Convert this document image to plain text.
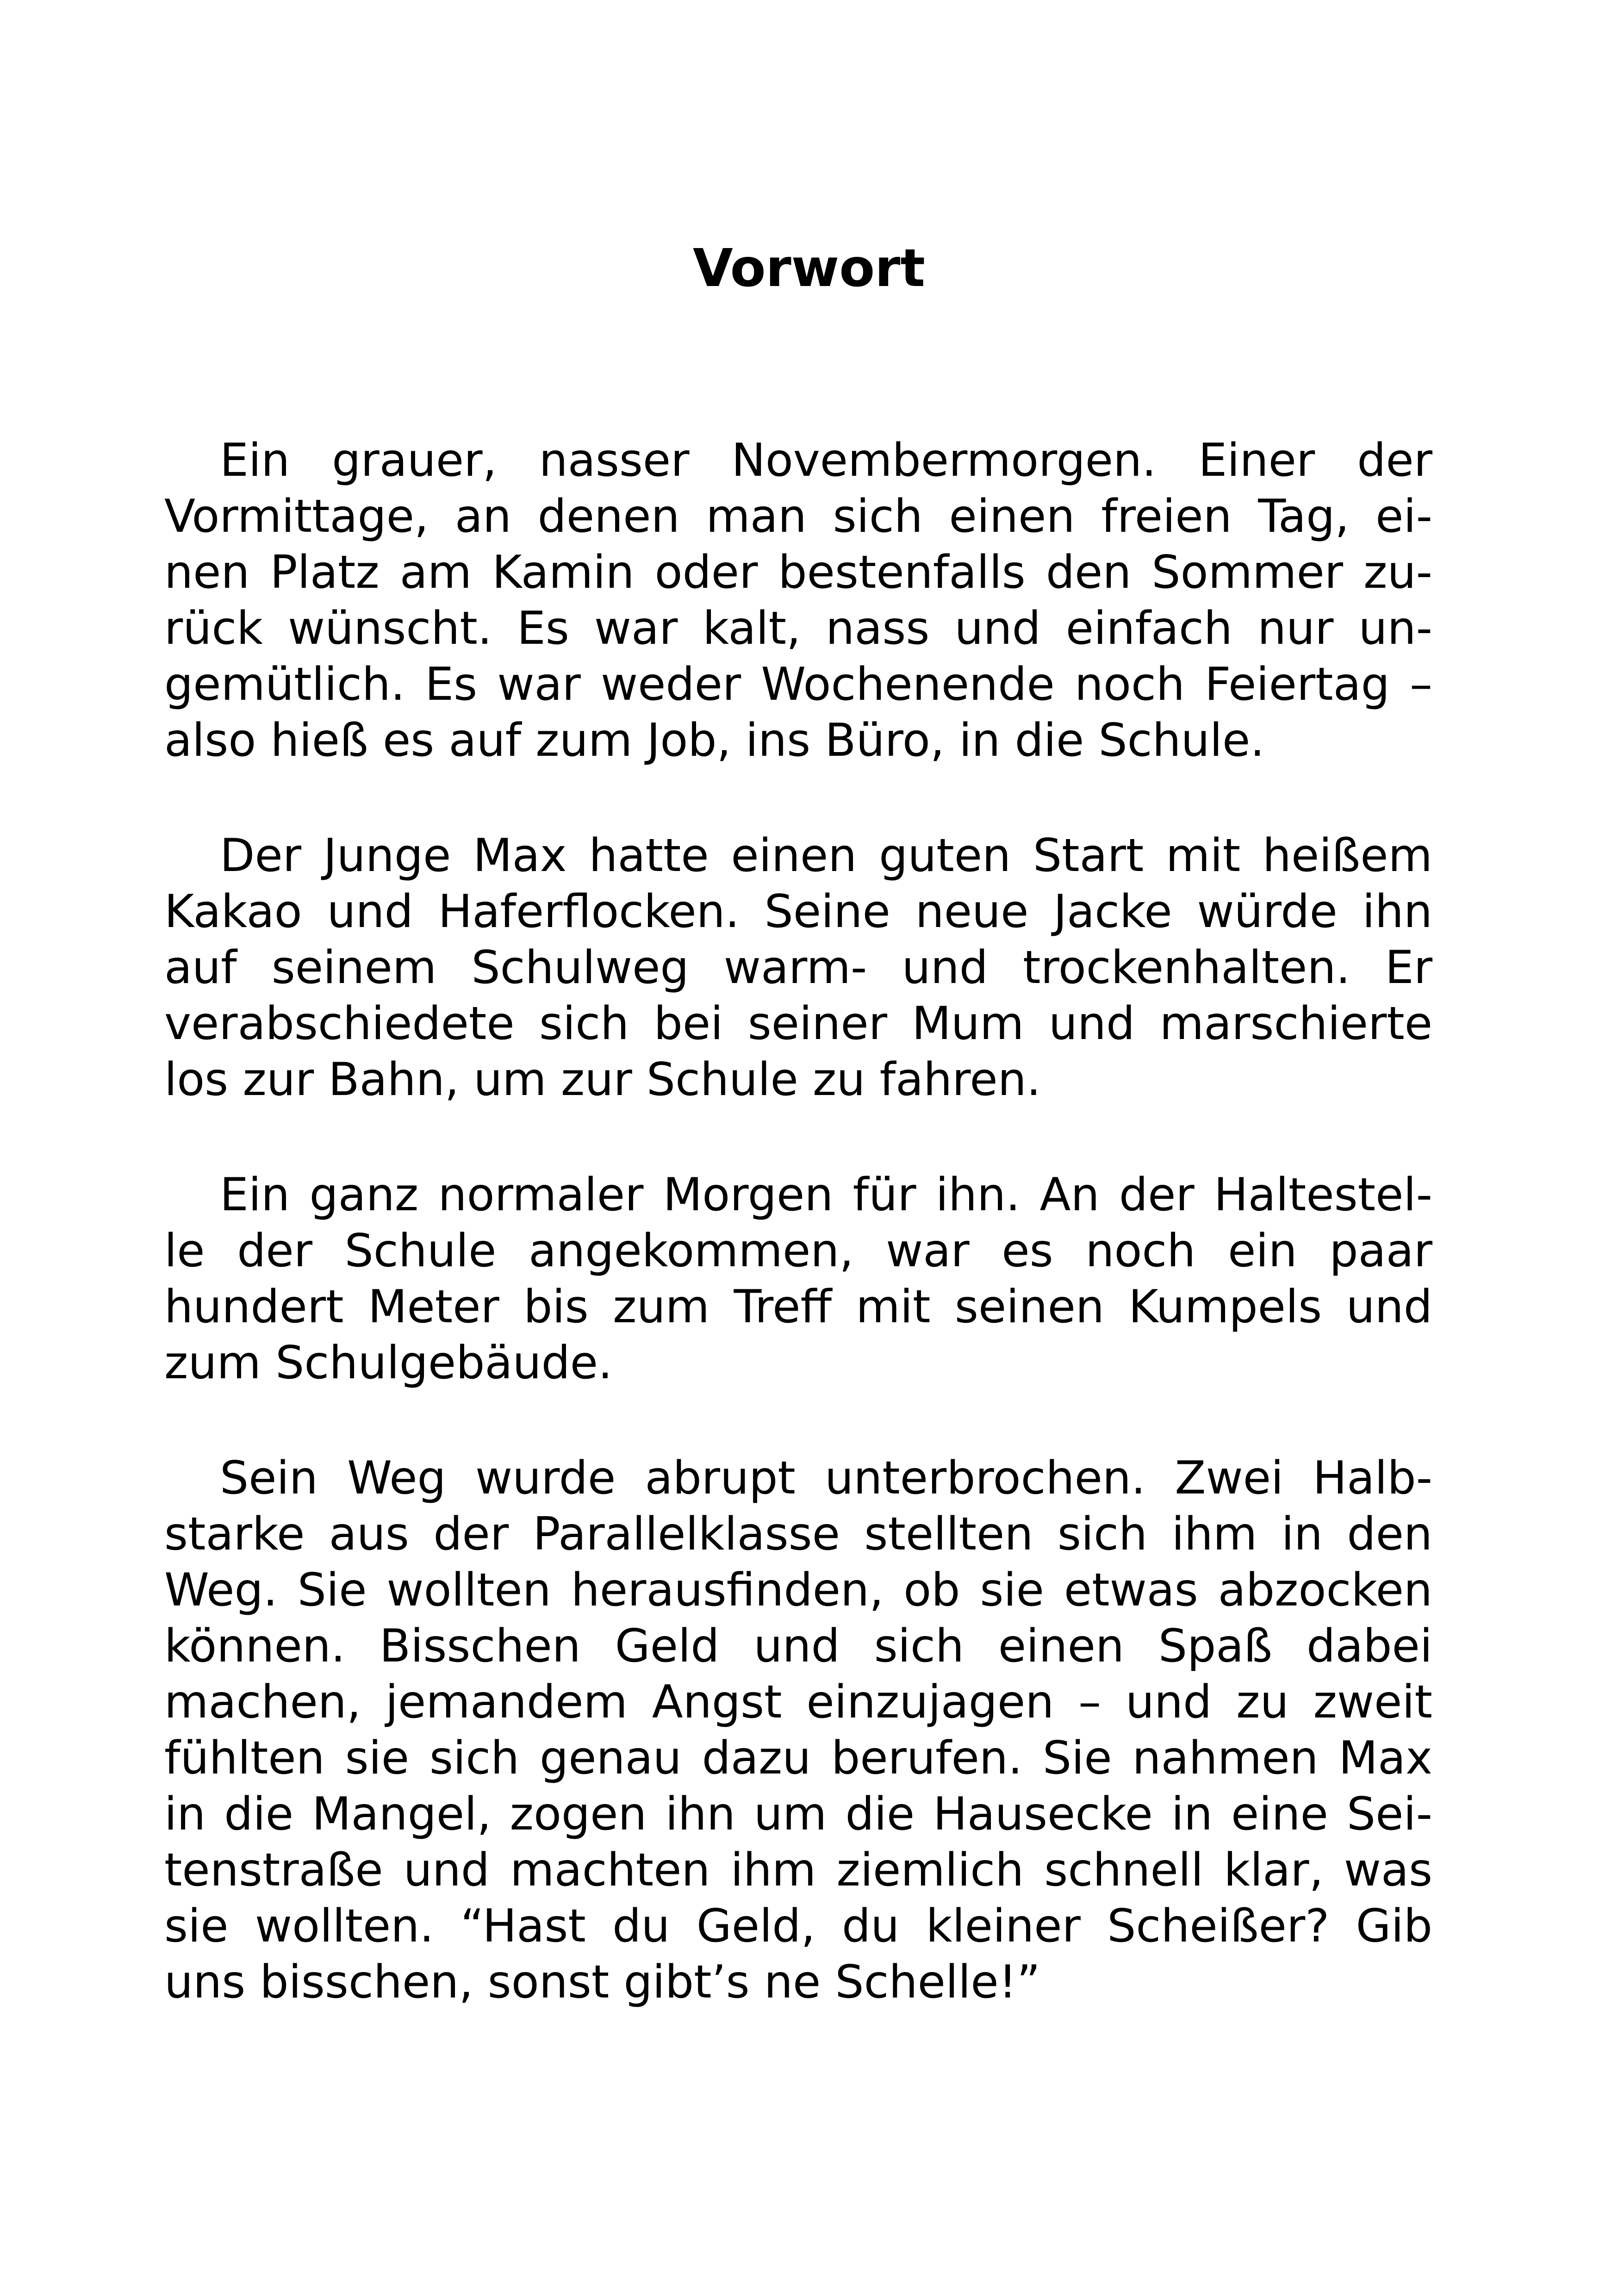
Vorwort

Ein grauer, nasser Novembermorgen. Einer der
Vormittage, an denen man sich einen freien Tag, ei-
nen Platz am Kamin oder bestenfalls den Sommer zu-
rück wünscht. Es war kalt, nass und einfach nur un-
gemütlich. Es war weder Wochenende noch Feiertag –
also hieß es auf zum Job, ins Büro, in die Schule.

Der Junge Max hatte einen guten Start mit heißem
Kakao und Haferflocken. Seine neue Jacke würde ihn
auf seinem Schulweg warm- und trockenhalten. Er
verabschiedete sich bei seiner Mum und marschierte
los zur Bahn, um zur Schule zu fahren.

Ein ganz normaler Morgen für ihn. An der Haltestel-
le der Schule angekommen, war es noch ein paar
hundert Meter bis zum Treff mit seinen Kumpels und
zum Schulgebäude.

Sein Weg wurde abrupt unterbrochen. Zwei Halb-
starke aus der Parallelklasse stellten sich ihm in den
Weg. Sie wollten herausfinden, ob sie etwas abzocken
können. Bisschen Geld und sich einen Spaß dabei
machen, jemandem Angst einzujagen – und zu zweit
fühlten sie sich genau dazu berufen. Sie nahmen Max
in die Mangel, zogen ihn um die Hausecke in eine Sei-
tenstraße und machten ihm ziemlich schnell klar, was
sie wollten. “Hast du Geld, du kleiner Scheißer? Gib
uns bisschen, sonst gibt’s ne Schelle!”
